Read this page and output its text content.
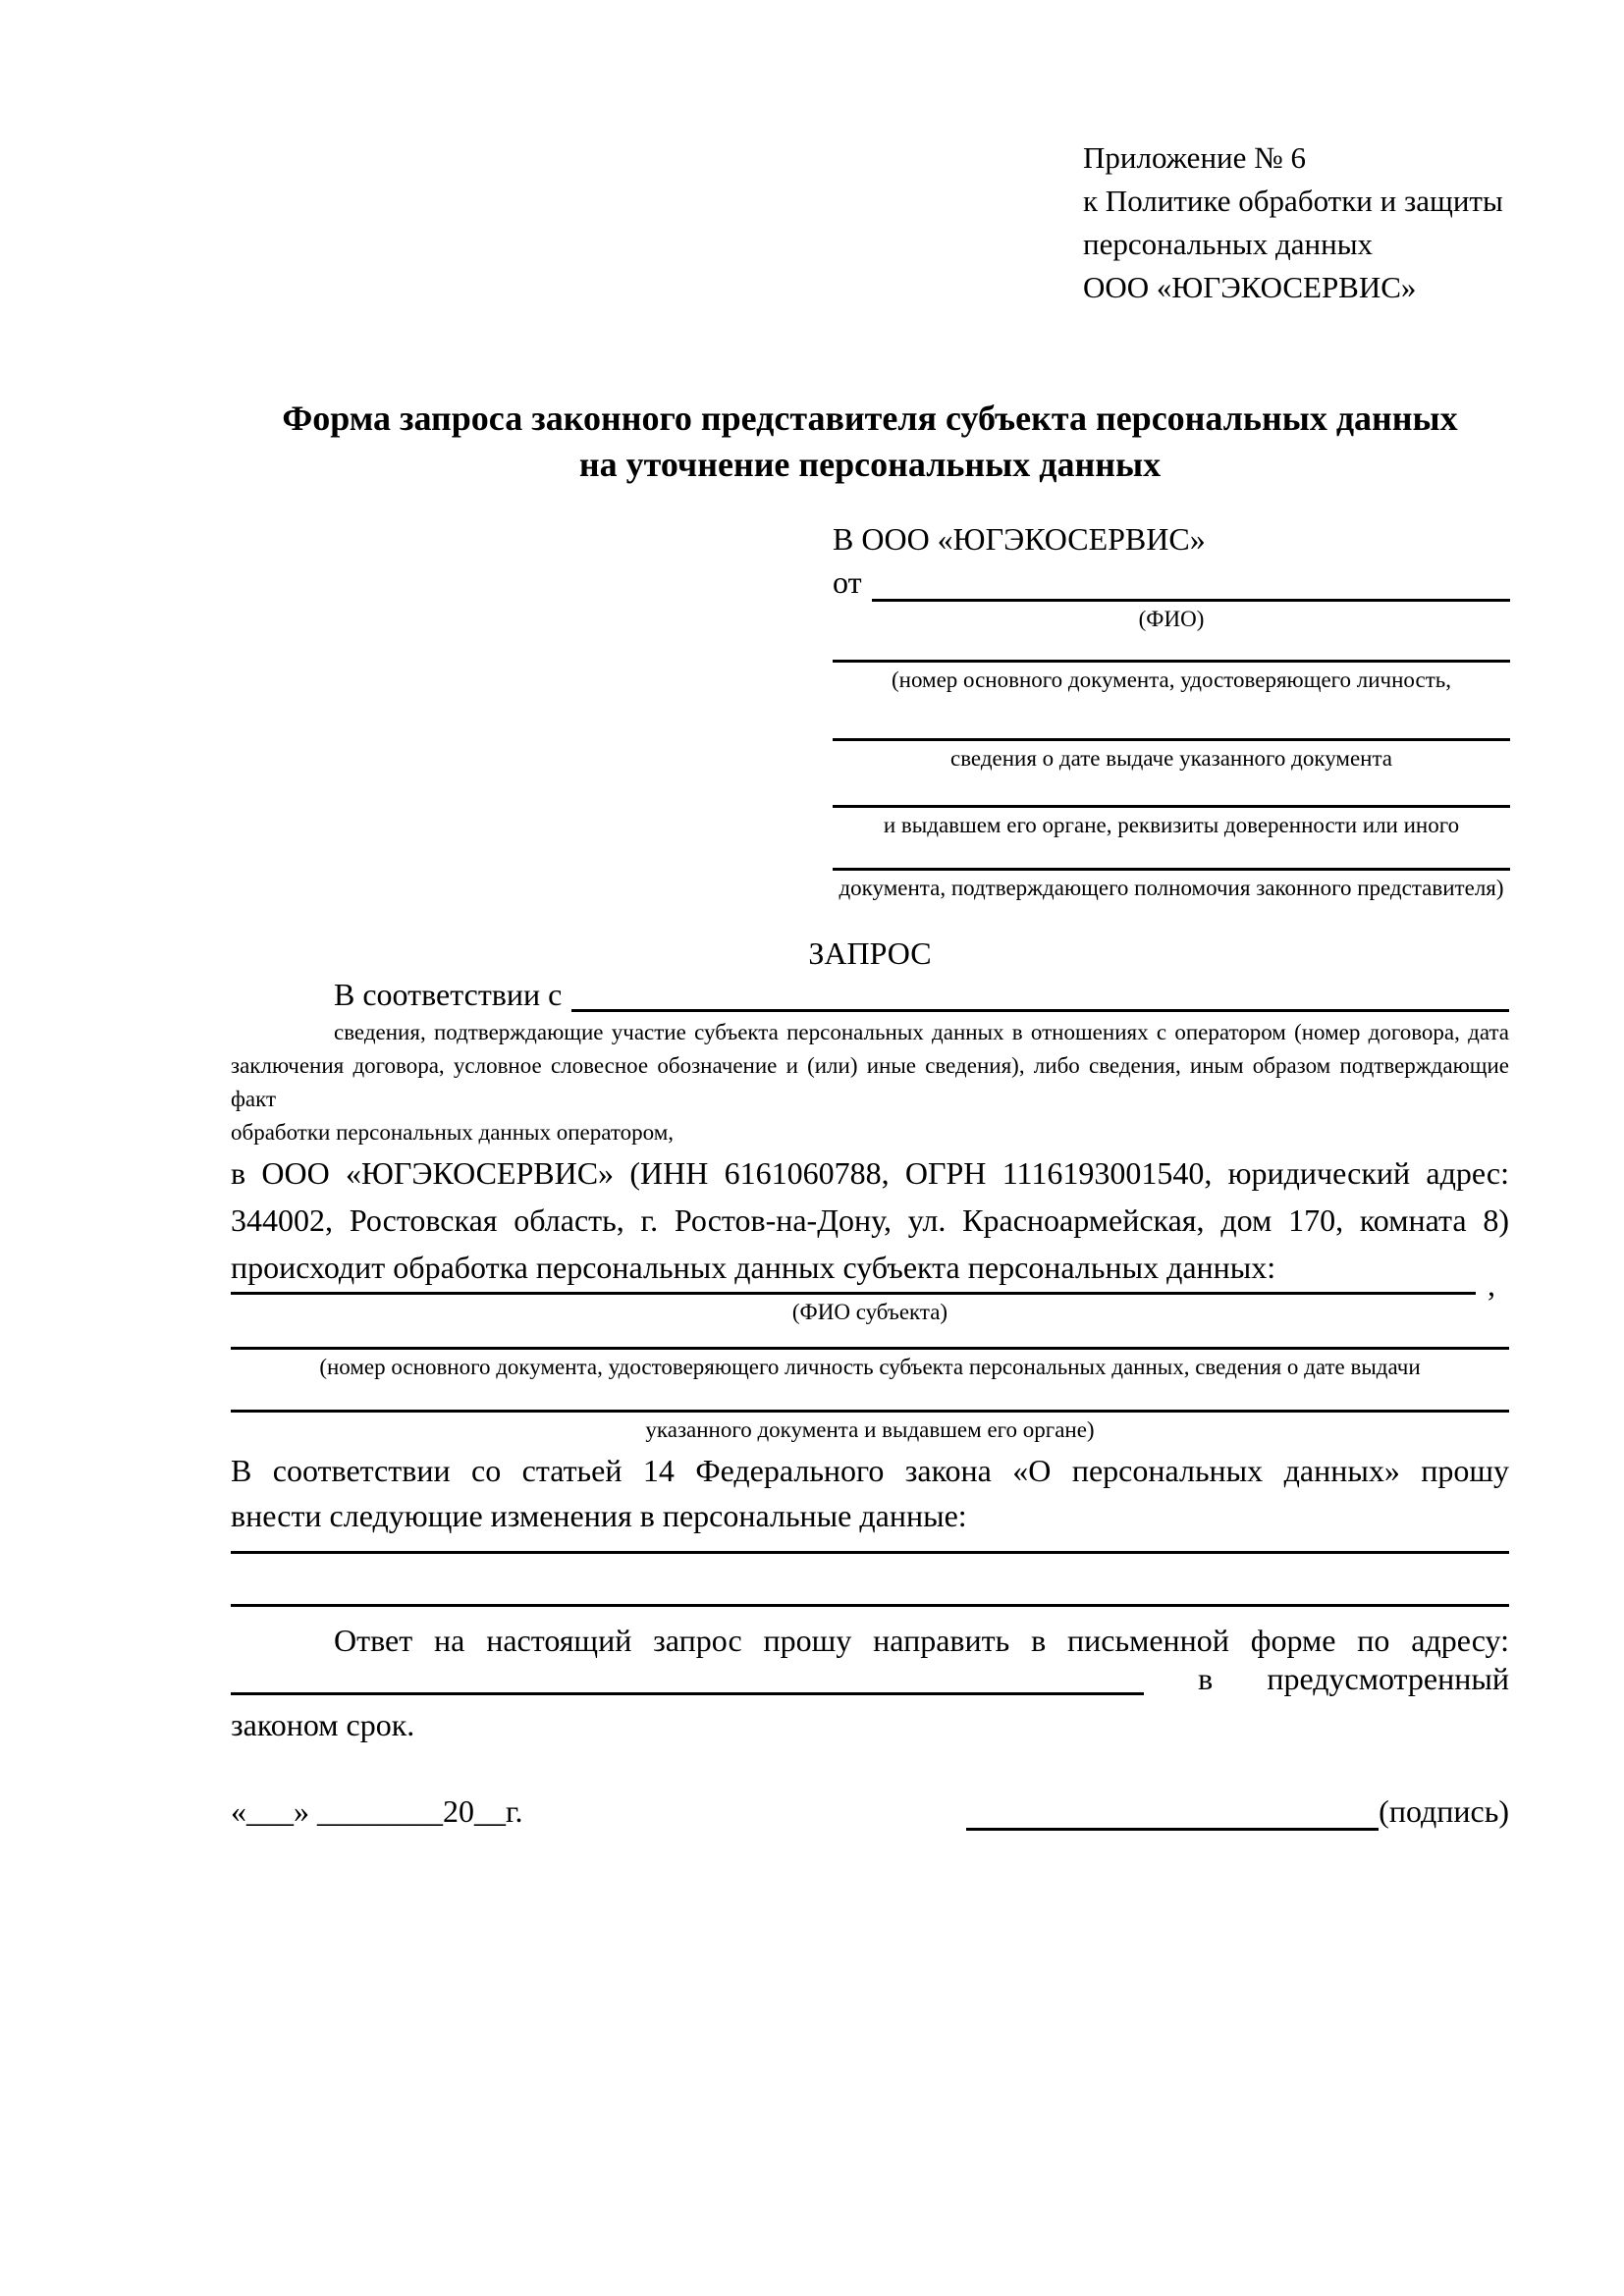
Приложение № 6
к Политике обработки и защиты
персональных данных
ООО «ЮГЭКОСЕРВИС»
Форма запроса законного представителя субъекта персональных данных
на уточнение персональных данных
В ООО «ЮГЭКОСЕРВИС»
от
(ФИО)
(номер основного документа, удостоверяющего личность,
сведения о дате выдаче указанного документа
и выдавшем его органе, реквизиты доверенности или иного
документа, подтверждающего полномочия законного представителя)
ЗАПРОС
В соответствии с
сведения, подтверждающие участие субъекта персональных данных в отношениях с оператором (номер договора, дата
заключения договора, условное словесное обозначение и (или) иные сведения), либо сведения, иным образом подтверждающие факт
обработки персональных данных оператором,
в ООО «ЮГЭКОСЕРВИС» (ИНН 6161060788, ОГРН 1116193001540, юридический адрес:
344002, Ростовская область, г. Ростов-на-Дону, ул. Красноармейская, дом 170, комната 8)
происходит обработка персональных данных субъекта персональных данных:	,
(ФИО субъекта)
(номер основного документа, удостоверяющего личность субъекта персональных данных, сведения о дате выдачи
указанного документа и выдавшем его органе)
В соответствии со статьей 14 Федерального закона «О персональных данных» прошу
внести следующие изменения в персональные данные:
Ответ на настоящий запрос прошу направить в письменной форме по адресу:
в предусмотренный
законом срок.
«___» ________20__г.	(подпись)
